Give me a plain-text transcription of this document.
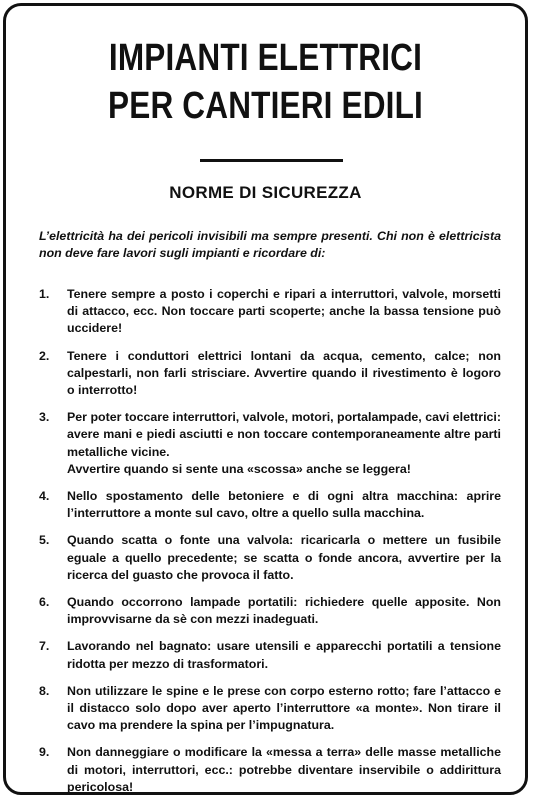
IMPIANTI ELETTRICI
PER CANTIERI EDILI
NORME DI SICUREZZA
L’elettricità ha dei pericoli invisibili ma sempre presenti. Chi non è elettricista non deve fare lavori sugli impianti e ricordare di:
1. Tenere sempre a posto i coperchi e ripari a interruttori, valvole, morsetti di attacco, ecc. Non toccare parti scoperte; anche la bassa tensione può uccidere!
2. Tenere i conduttori elettrici lontani da acqua, cemento, calce; non calpestarli, non farli strisciare. Avvertire quando il rivestimento è logoro o interrotto!
3. Per poter toccare interruttori, valvole, motori, portalampade, cavi elettrici: avere mani e piedi asciutti e non toccare contemporaneamente altre parti metalliche vicine.
Avvertire quando si sente una «scossa» anche se leggera!
4. Nello spostamento delle betoniere e di ogni altra macchina: aprire l’interruttore a monte sul cavo, oltre a quello sulla macchina.
5. Quando scatta o fonte una valvola: ricaricarla o mettere un fusibile eguale a quello precedente; se scatta o fonde ancora, avvertire per la ricerca del guasto che provoca il fatto.
6. Quando occorrono lampade portatili: richiedere quelle apposite. Non improvvisarne da sè con mezzi inadeguati.
7. Lavorando nel bagnato: usare utensili e apparecchi portatili a tensione ridotta per mezzo di trasformatori.
8. Non utilizzare le spine e le prese con corpo esterno rotto; fare l’attacco e il distacco solo dopo aver aperto l’interruttore «a monte». Non tirare il cavo ma prendere la spina per l’impugnatura.
9. Non danneggiare o modificare la «messa a terra» delle masse metalliche di motori, interruttori, ecc.: potrebbe diventare inservibile o addirittura pericolosa!
